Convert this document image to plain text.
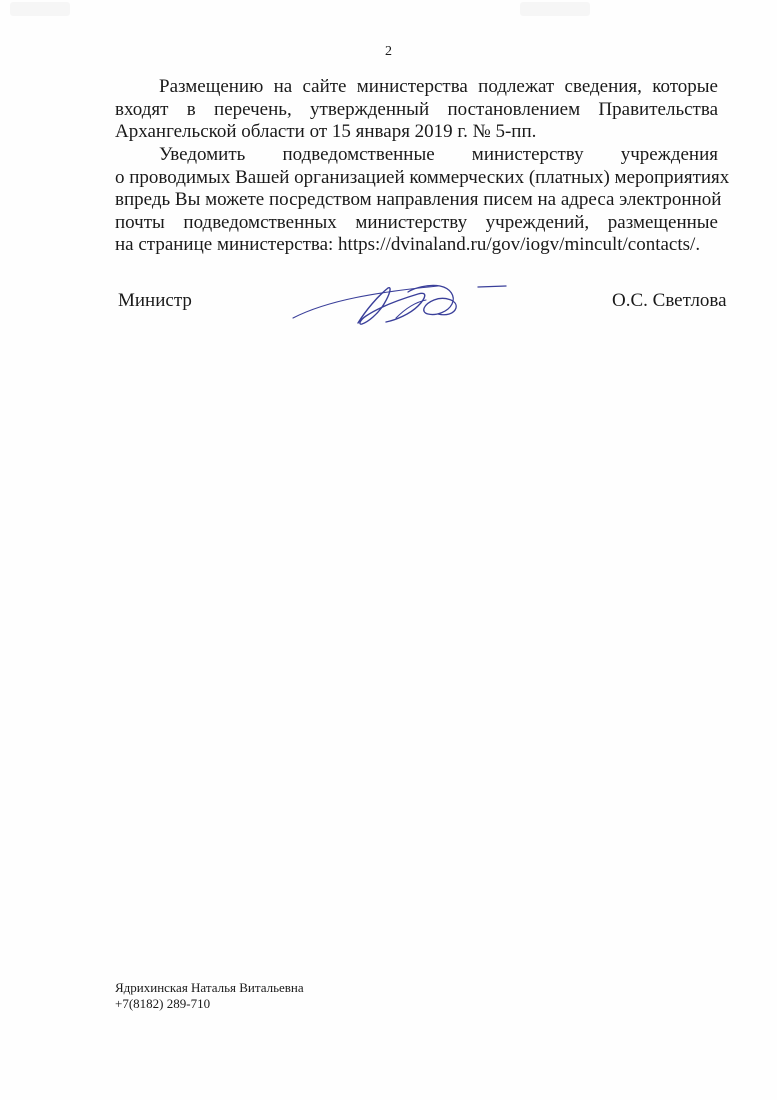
2

Размещению на сайте министерства подлежат сведения, которые
входят в перечень, утвержденный постановлением Правительства
Архангельской области от 15 января 2019 г. № 5-пп.

Уведомить подведомственные министерству учреждения
о проводимых Вашей организацией коммерческих (платных) мероприятиях
впредь Вы можете посредством направления писем на адреса электронной
почты подведомственных министерству учреждений, размещенные
на странице министерства: https://dvinaland.ru/gov/iogv/mincult/contacts/.

Министр	О.С. Светлова
Ядрихинская Наталья Витальевна
+7(8182) 289-710
